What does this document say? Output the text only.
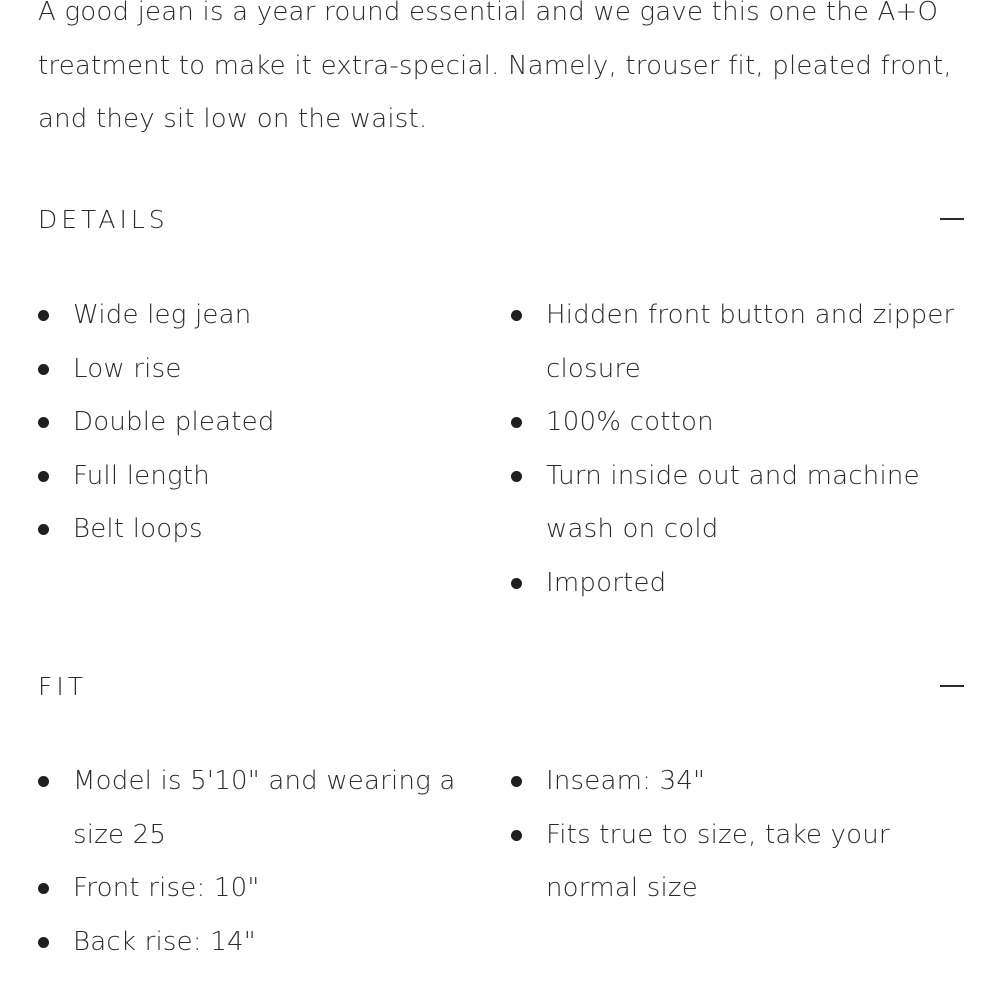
A good jean is a year round essential and we gave this one the A+O treatment to make it extra-special. Namely, trouser fit, pleated front, and they sit low on the waist.

DETAILS
Wide leg jean
Low rise
Double pleated
Full length
Belt loops
Hidden front button and zipper closure
100% cotton
Turn inside out and machine wash on cold
Imported
FIT
Model is 5'10" and wearing a size 25
Front rise: 10"
Back rise: 14"
Inseam: 34"
Fits true to size, take your normal size
